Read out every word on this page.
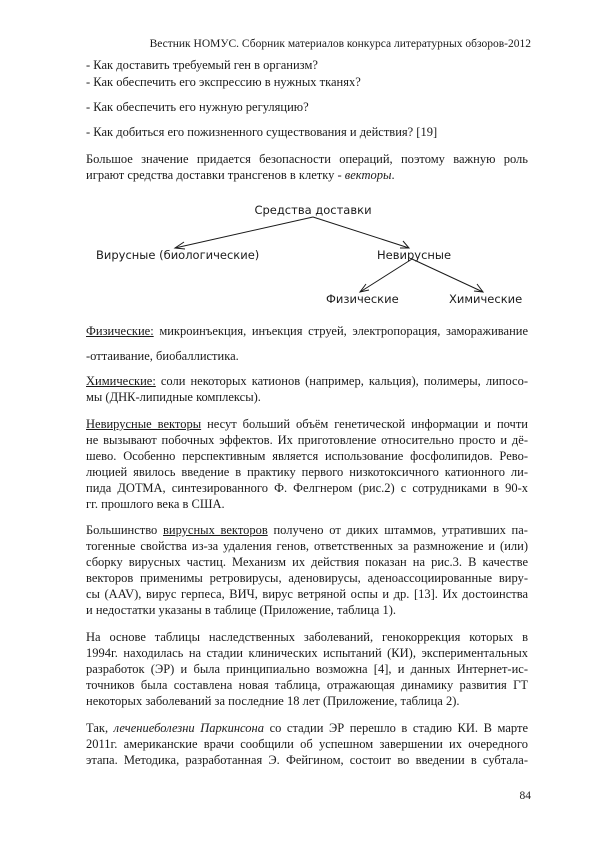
Вестник НОМУС. Сборник материалов конкурса литературных обзоров-2012

- Как доставить требуемый ген в организм?

- Как обеспечить его экспрессию в нужных тканях?

- Как обеспечить его нужную регуляцию?

- Как добиться его пожизненного существования и действия? [19]

Большое значение придается безопасности операций, поэтому важную роль

играют средства доставки трансгенов в клетку - векторы.

Средства доставки
Вирусные (биологические)	Невирусные
Физические	Химические

Физические: микроинъекция, инъекция струей, электропорация, замораживание

-оттаивание, биобаллистика.

Химические: соли некоторых катионов (например, кальция), полимеры, липосо-

мы (ДНК-липидные комплексы).

Невирусные векторы несут больший объём генетической информации и почти

не вызывают побочных эффектов. Их приготовление относительно просто и дё-

шево. Особенно перспективным является использование фосфолипидов. Рево-

люцией явилось введение в практику первого низкотоксичного катионного ли-

пида ДОТМА, синтезированного Ф. Фелгнером (рис.2) с сотрудниками в 90-х

гг. прошлого века в США.

Большинство вирусных векторов получено от диких штаммов, утративших па-

тогенные свойства из-за удаления генов, ответственных за размножение и (или)

сборку вирусных частиц. Механизм их действия показан на рис.3. В качестве

векторов применимы ретровирусы, аденовирусы, аденоассоциированные виру-

сы (AAV), вирус герпеса, ВИЧ, вирус ветряной оспы и др. [13]. Их достоинства

и недостатки указаны в таблице (Приложение, таблица 1).

На основе таблицы наследственных заболеваний, генокоррекция которых в

1994г. находилась на стадии клинических испытаний (КИ), экспериментальных

разработок (ЭР) и была принципиально возможна [4], и данных Интернет-ис-

точников была составлена новая таблица, отражающая динамику развития ГТ

некоторых заболеваний за последние 18 лет (Приложение, таблица 2).

Так, лечениеболезни Паркинсона со стадии ЭР перешло в стадию КИ. В марте

2011г. американские врачи сообщили об успешном завершении их очередного

этапа. Методика, разработанная Э. Фейгином, состоит во введении в субтала-

84
